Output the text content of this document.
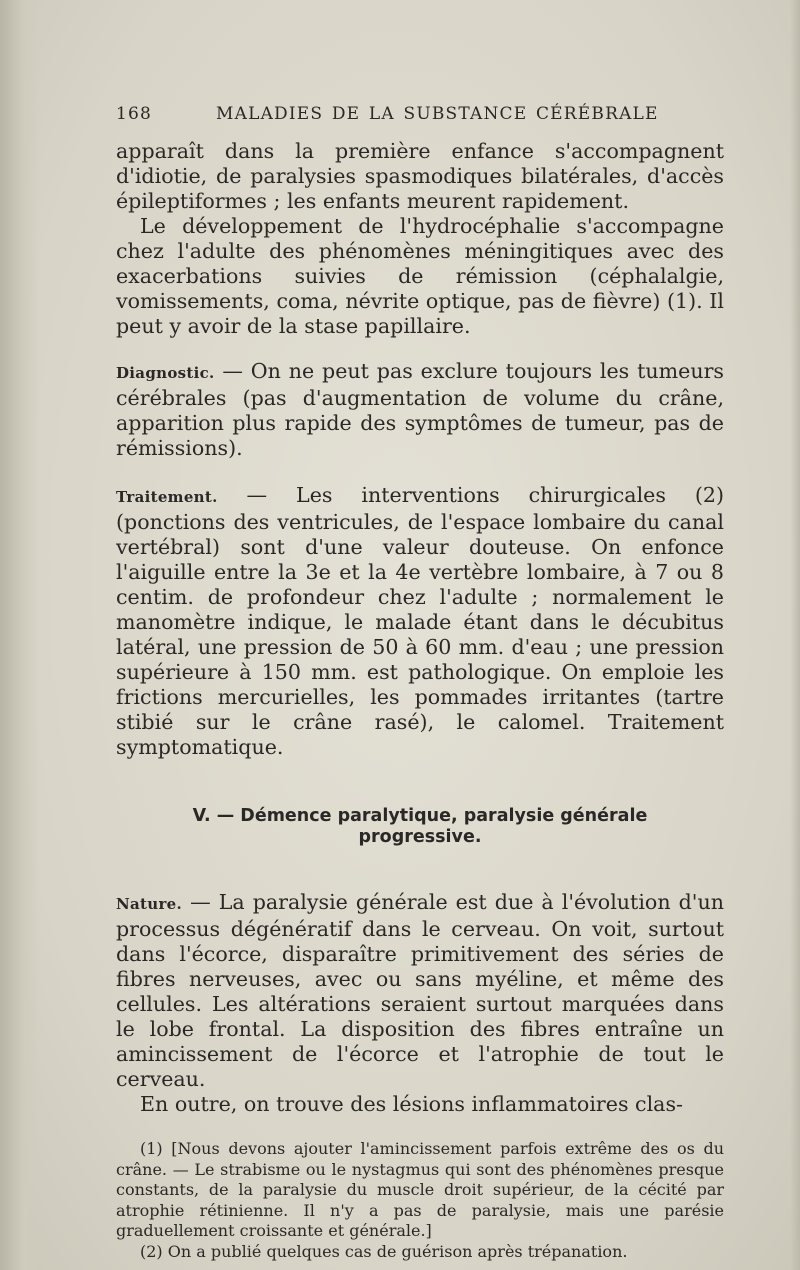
168	MALADIES DE LA SUBSTANCE CÉRÉBRALE

apparaît dans la première enfance s'accompagnent d'idiotie, de paralysies spasmodiques bilatérales, d'accès épileptiformes ; les enfants meurent rapidement.

Le développement de l'hydrocéphalie s'accompagne chez l'adulte des phénomènes méningitiques avec des exacerbations suivies de rémission (céphalalgie, vomissements, coma, névrite optique, pas de fièvre) (1). Il peut y avoir de la stase papillaire.

Diagnostic. — On ne peut pas exclure toujours les tumeurs cérébrales (pas d'augmentation de volume du crâne, apparition plus rapide des symptômes de tumeur, pas de rémissions).

Traitement. — Les interventions chirurgicales (2) (ponctions des ventricules, de l'espace lombaire du canal vertébral) sont d'une valeur douteuse. On enfonce l'aiguille entre la 3e et la 4e vertèbre lombaire, à 7 ou 8 centim. de profondeur chez l'adulte ; normalement le manomètre indique, le malade étant dans le décubitus latéral, une pression de 50 à 60 mm. d'eau ; une pression supérieure à 150 mm. est pathologique. On emploie les frictions mercurielles, les pommades irritantes (tartre stibié sur le crâne rasé), le calomel. Traitement symptomatique.

V. — Démence paralytique, paralysie générale
progressive.

Nature. — La paralysie générale est due à l'évolution d'un processus dégénératif dans le cerveau. On voit, surtout dans l'écorce, disparaître primitivement des séries de fibres nerveuses, avec ou sans myéline, et même des cellules. Les altérations seraient surtout marquées dans le lobe frontal. La disposition des fibres entraîne un amincissement de l'écorce et l'atrophie de tout le cerveau.

En outre, on trouve des lésions inflammatoires clas-

(1) [Nous devons ajouter l'amincissement parfois extrême des os du crâne. — Le strabisme ou le nystagmus qui sont des phénomènes presque constants, de la paralysie du muscle droit supérieur, de la cécité par atrophie rétinienne. Il n'y a pas de paralysie, mais une parésie graduellement croissante et générale.]

(2) On a publié quelques cas de guérison après trépanation.
